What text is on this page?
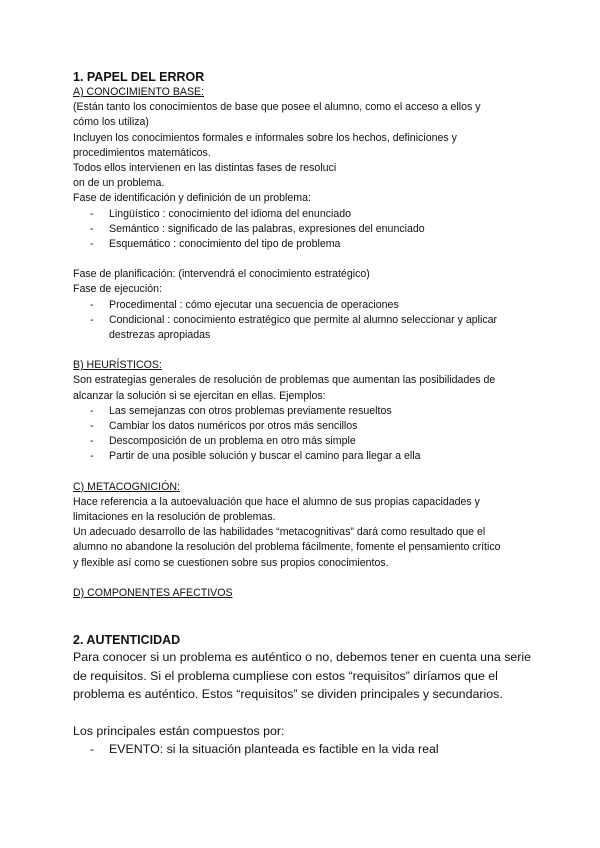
1. PAPEL DEL ERROR

A) CONOCIMIENTO BASE:

(Están tanto los conocimientos de base que posee el alumno, como el acceso a ellos y

cómo los utiliza)

Incluyen los conocimientos formales e informales sobre los hechos, definiciones y

procedimientos matemáticos.

Todos ellos intervienen en las distintas fases de resoluci

on de un problema.

Fase de identificación y definición de un problema:

- Lingüístico : conocimiento del idioma del enunciado
- Semántico : significado de las palabras, expresiones del enunciado
- Esquemático : conocimiento del tipo de problema

Fase de planificación: (intervendrá el conocimiento estratégico)

Fase de ejecución:

- Procedimental : cómo ejecutar una secuencia de operaciones
- Condicional : conocimiento estratégico que permite al alumno seleccionar y aplicar
destrezas apropiadas

B) HEURÍSTICOS:

Son estrategias generales de resolución de problemas que aumentan las posibilidades de

alcanzar la solución si se ejercitan en ellas. Ejemplos:

- Las semejanzas con otros problemas previamente resueltos
- Cambiar los datos numéricos por otros más sencillos
- Descomposición de un problema en otro más simple
- Partir de una posible solución y buscar el camino para llegar a ella

C) METACOGNICIÓN:

Hace referencia a la autoevaluación que hace el alumno de sus propias capacidades y

limitaciones en la resolución de problemas.

Un adecuado desarrollo de las habilidades “metacognitivas” dará como resultado que el

alumno no abandone la resolución del problema fácilmente, fomente el pensamiento crítico

y flexible así como se cuestionen sobre sus propios conocimientos.

D) COMPONENTES AFECTIVOS

2. AUTENTICIDAD

Para conocer si un problema es auténtico o no, debemos tener en cuenta una serie

de requisitos. Si el problema cumpliese con estos “requisitos” diríamos que el

problema es auténtico. Estos “requisitos” se dividen principales y secundarios.

Los principales están compuestos por:

- EVENTO: si la situación planteada es factible en la vida real
